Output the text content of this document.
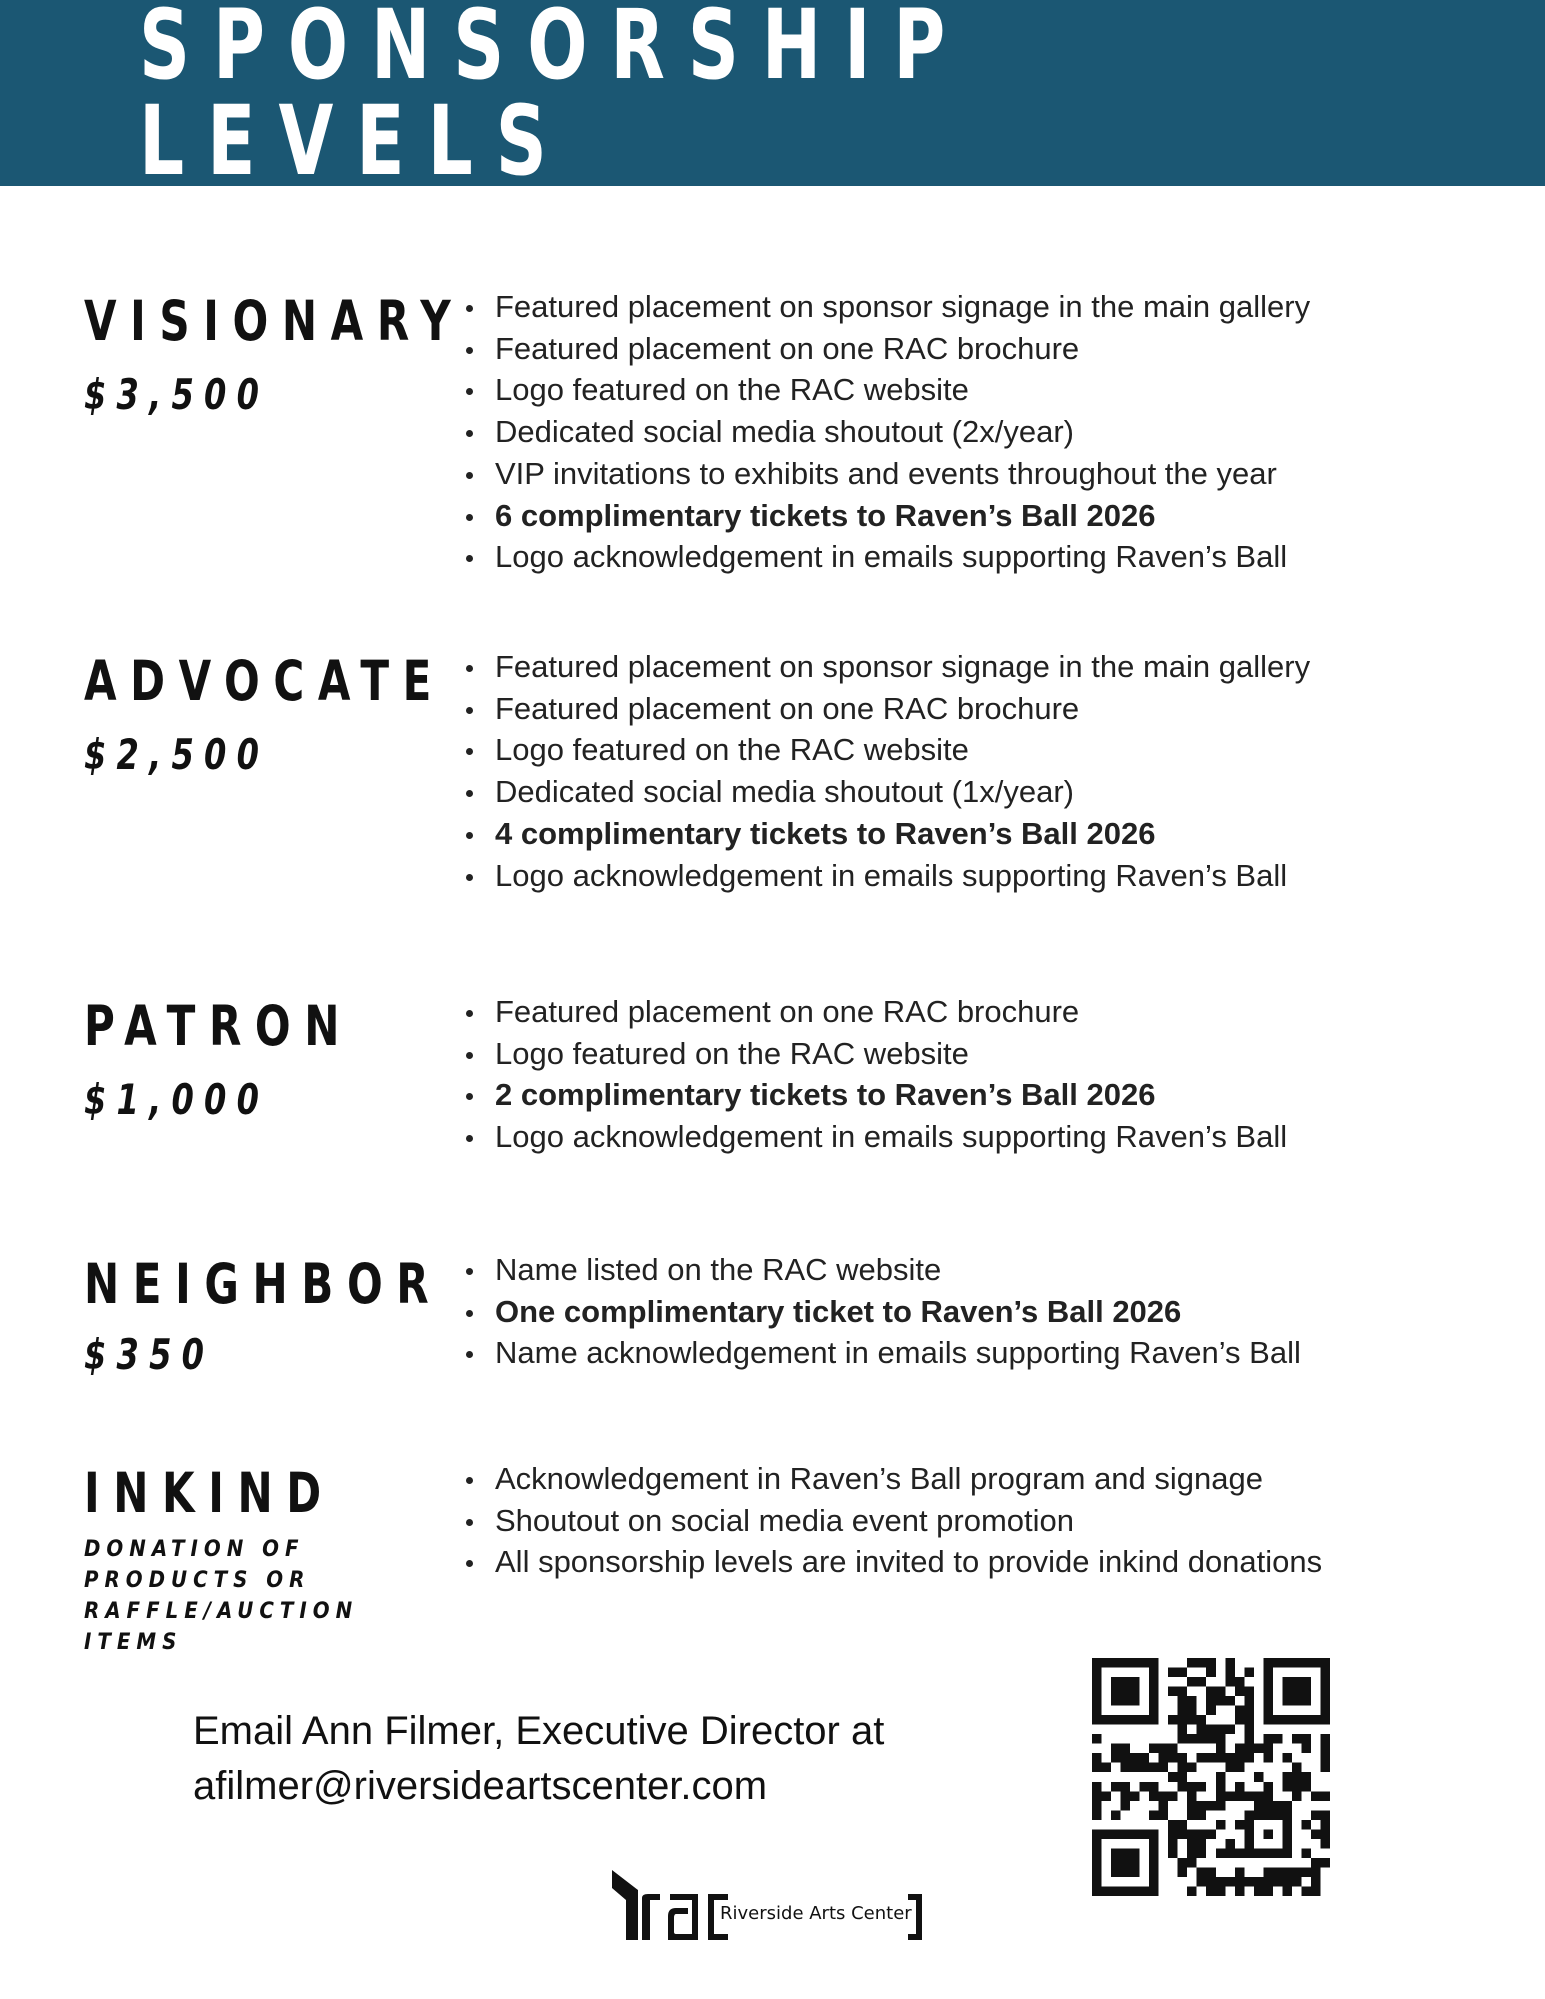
SPONSORSHIP LEVELS
VISIONARY
$3,500
Featured placement on sponsor signage in the main gallery
Featured placement on one RAC brochure
Logo featured on the RAC website
Dedicated social media shoutout (2x/year)
VIP invitations to exhibits and events throughout the year
6 complimentary tickets to Raven’s Ball 2026
Logo acknowledgement in emails supporting Raven’s Ball
ADVOCATE
$2,500
Featured placement on sponsor signage in the main gallery
Featured placement on one RAC brochure
Logo featured on the RAC website
Dedicated social media shoutout (1x/year)
4 complimentary tickets to Raven’s Ball 2026
Logo acknowledgement in emails supporting Raven’s Ball
PATRON
$1,000
Featured placement on one RAC brochure
Logo featured on the RAC website
2 complimentary tickets to Raven’s Ball 2026
Logo acknowledgement in emails supporting Raven’s Ball
NEIGHBOR
$350
Name listed on the RAC website
One complimentary ticket to Raven’s Ball 2026
Name acknowledgement in emails supporting Raven’s Ball
INKIND
DONATION OF PRODUCTS OR RAFFLE/AUCTION ITEMS
Acknowledgement in Raven’s Ball program and signage
Shoutout on social media event promotion
All sponsorship levels are invited to provide inkind donations
Email Ann Filmer, Executive Director at
afilmer@riversideartscenter.com
Riverside Arts Center
